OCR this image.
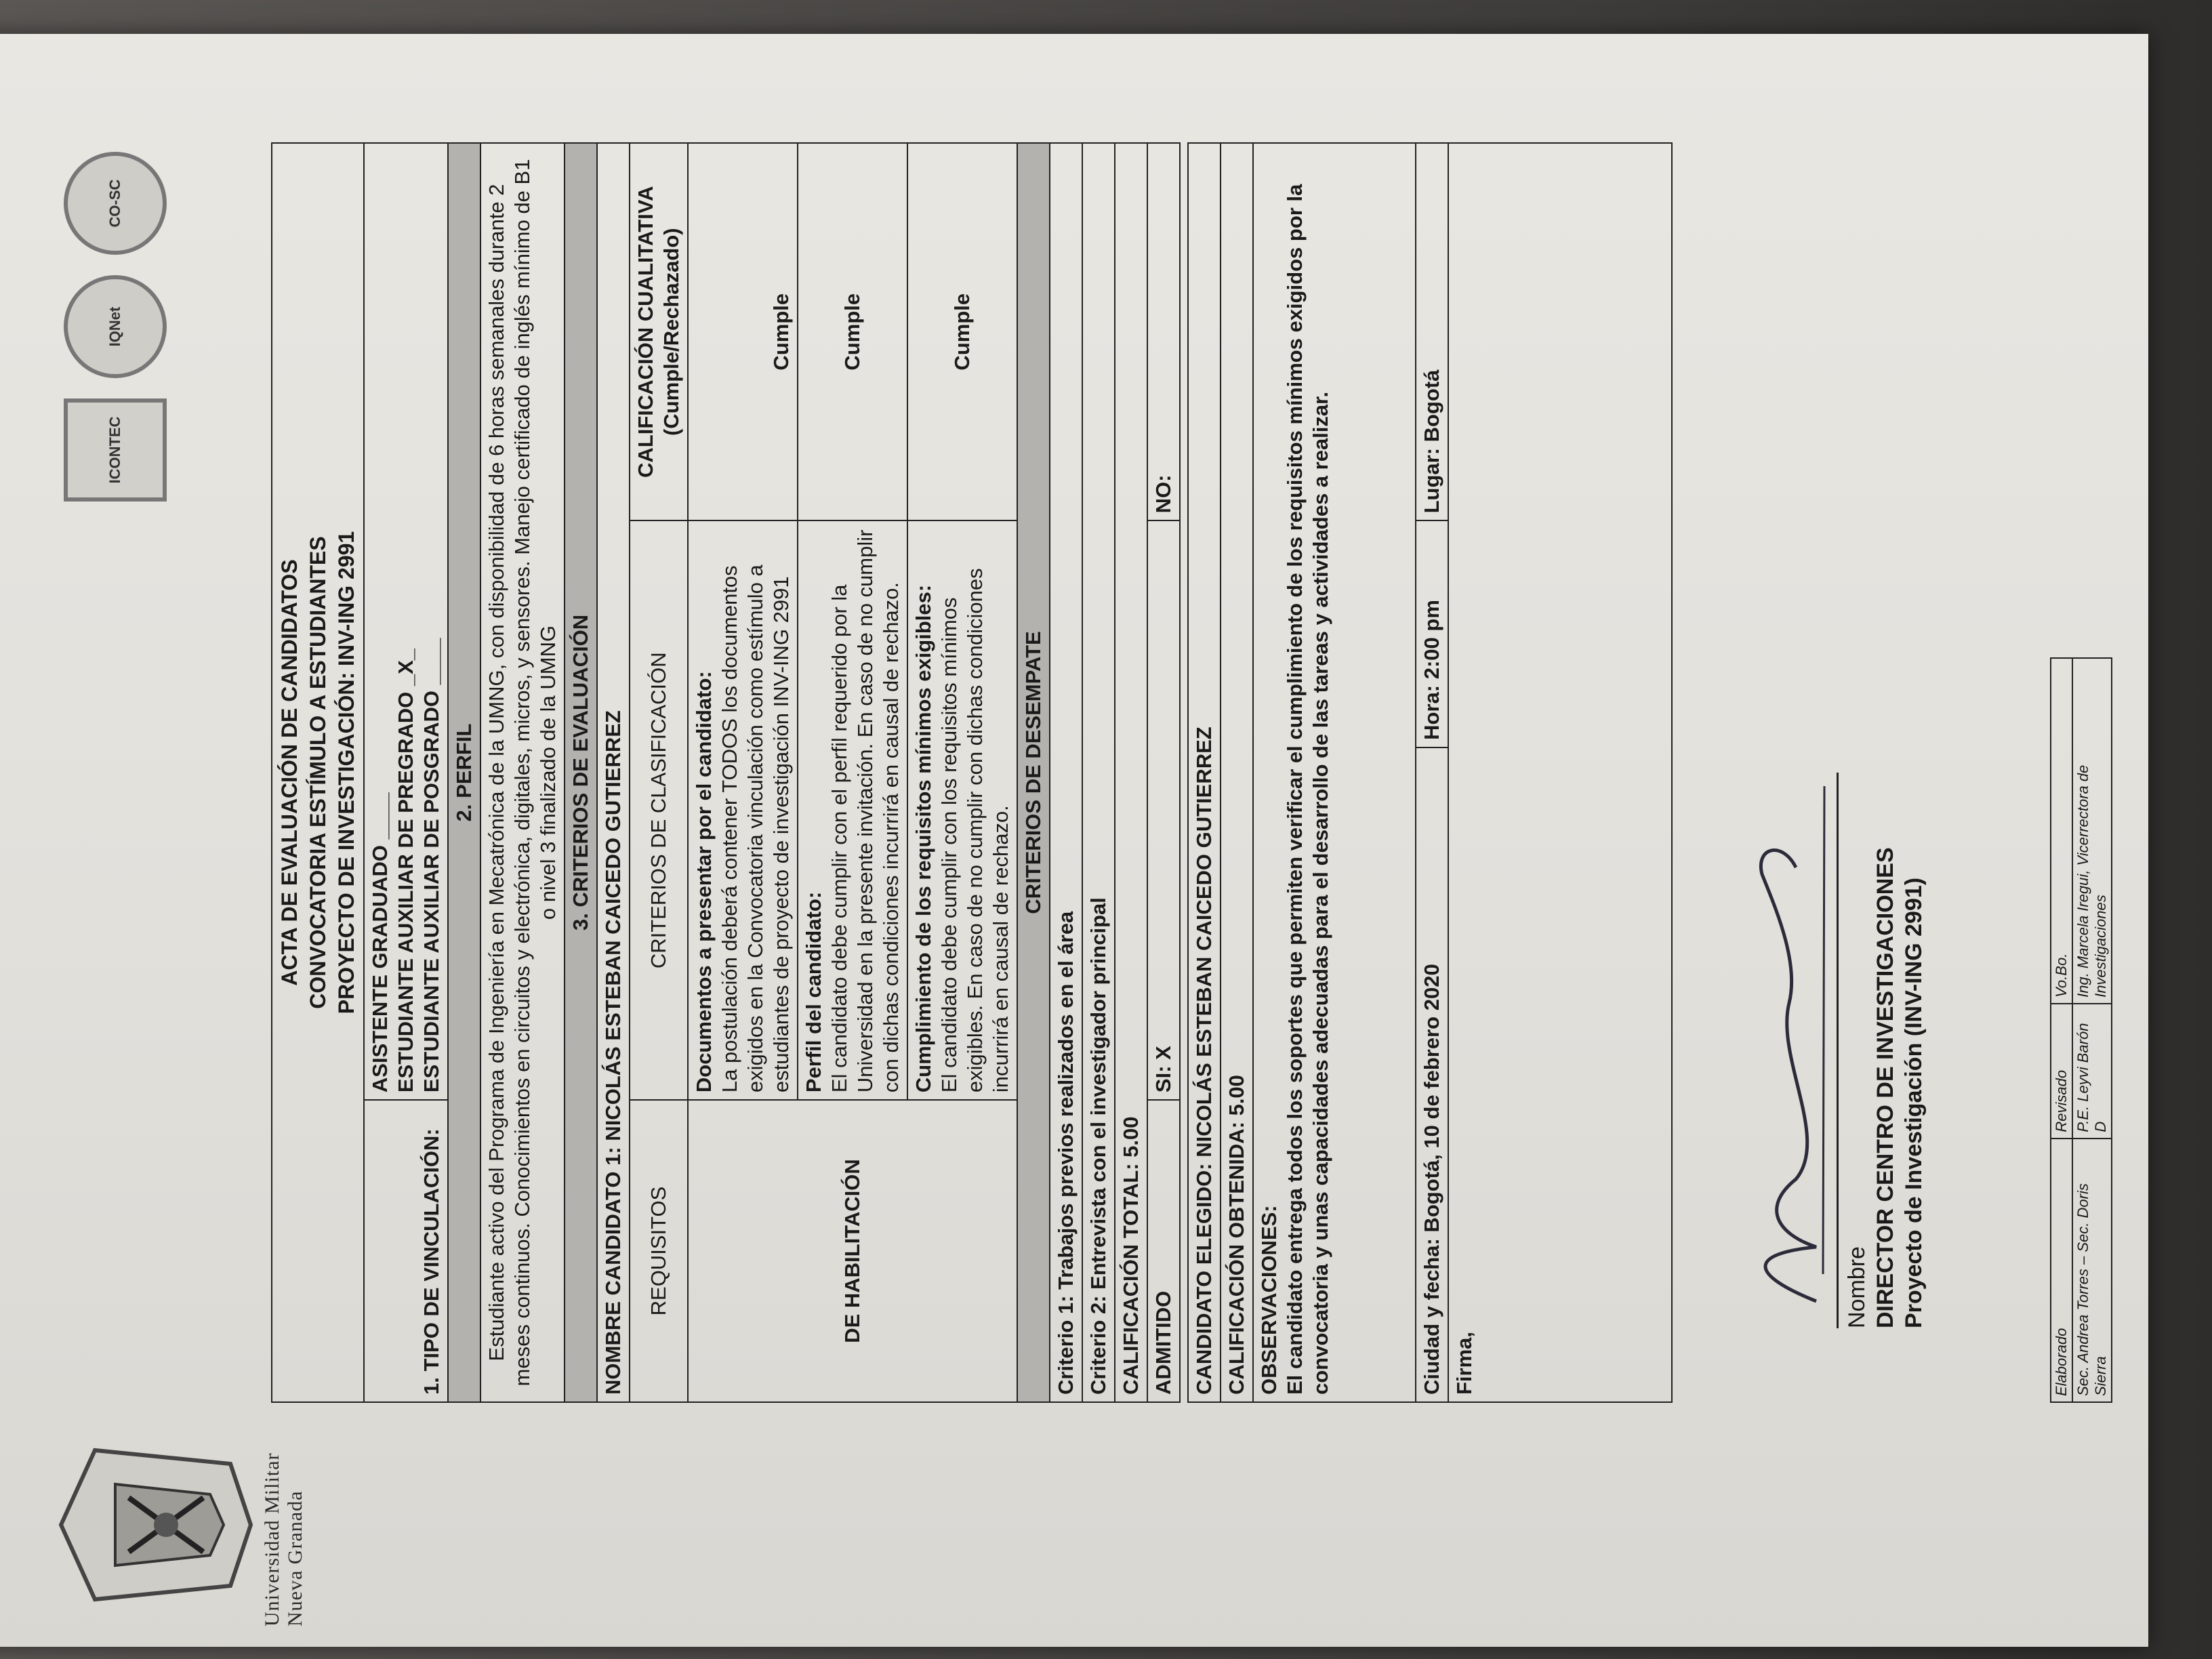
Universidad Militar Nueva Granada
ICONTEC
IQNet
CO-SC
ACTA DE EVALUACIÓN DE CANDIDATOS CONVOCATORIA ESTÍMULO A ESTUDIANTES PROYECTO DE INVESTIGACIÓN: INV-ING 2991		

1. TIPO DE VINCULACIÓN:	ASISTENTE GRADUADO ____ ESTUDIANTE AUXILIAR DE PREGRADO _X_ ESTUDIANTE AUXILIAR DE POSGRADO ____	

2. PERFIL		
Estudiante activo del Programa de Ingeniería en Mecatrónica de la UMNG, con disponibilidad de 6 horas semanales durante 2 meses continuos. Conocimientos en circuitos y electrónica, digitales, micros, y sensores. Manejo certificado de inglés mínimo de B1 o nivel 3 finalizado de la UMNG		
3. CRITERIOS DE EVALUACIÓN		
NOMBRE CANDIDATO 1: NICOLÁS ESTEBAN CAICEDO GUTIERREZ		
REQUISITOS	CRITERIOS DE CLASIFICACIÓN	CALIFICACIÓN CUALITATIVA (Cumple/Rechazado)
DE HABILITACIÓN	Documentos a presentar por el candidato: La postulación deberá contener TODOS los documentos exigidos en la Convocatoria vinculación como estímulo a estudiantes de proyecto de investigación INV-ING 2991	Cumple

	Perfil del candidato: El candidato debe cumplir con el perfil requerido por la Universidad en la presente invitación. En caso de no cumplir con dichas condiciones incurrirá en causal de rechazo.	Cumple

	Cumplimiento de los requisitos mínimos exigibles: El candidato debe cumplir con los requisitos mínimos exigibles. En caso de no cumplir con dichas condiciones incurrirá en causal de rechazo.	Cumple
CRITERIOS DE DESEMPATE		
Criterio 1: Trabajos previos realizados en el área		
Criterio 2: Entrevista con el investigador principal		
CALIFICACIÓN TOTAL: 5.00		
ADMITIDO	SI: X	NO:
CANDIDATO ELEGIDO: NICOLÁS ESTEBAN CAICEDO GUTIERREZ
CALIFICACIÓN OBTENIDA: 5.00

OBSERVACIONES: El candidato entrega todos los soportes que permiten verificar el cumplimiento de los requisitos mínimos exigidos por la convocatoria y unas capacidades adecuadas para el desarrollo de las tareas y actividades a realizar.

Ciudad y fecha: Bogotá, 10 de febrero 2020	Hora: 2:00 pm	Lugar: Bogotá
Firma,
Nombre DIRECTOR CENTRO DE INVESTIGACIONES Proyecto de Investigación (INV-ING 2991)
Elaborado	Revisado	Vo.Bo.
Sec. Andrea Torres – Sec. Doris Sierra	P.E. Leyvi Barón D	Ing. Marcela Iregui, Vicerrectora de Investigaciones
